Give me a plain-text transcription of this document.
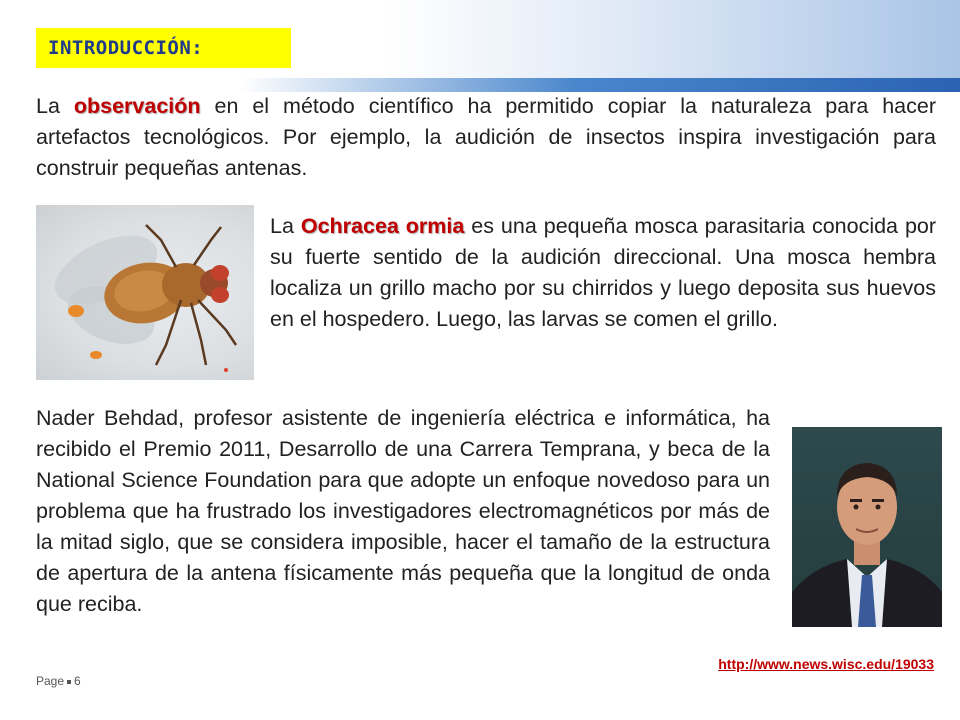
INTRODUCCIÓN:

La observación en el método científico ha permitido copiar la naturaleza para hacer artefactos tecnológicos. Por ejemplo, la audición de insectos inspira investigación para construir pequeñas antenas.

La Ochracea ormia es una pequeña mosca parasitaria conocida por su fuerte sentido de la audición direccional. Una mosca hembra localiza un grillo macho por su chirridos y luego deposita sus huevos en el hospedero. Luego, las larvas se comen el grillo.

Nader Behdad, profesor asistente de ingeniería eléctrica e informática, ha recibido el Premio 2011, Desarrollo de una Carrera Temprana, y beca de la National Science Foundation para que adopte un enfoque novedoso para un problema que ha frustrado los investigadores electromagnéticos por más de la mitad siglo, que se considera imposible, hacer el tamaño de la estructura de apertura de la antena físicamente más pequeña que la longitud de onda que reciba.

http://www.news.wisc.edu/19033
Page 6
